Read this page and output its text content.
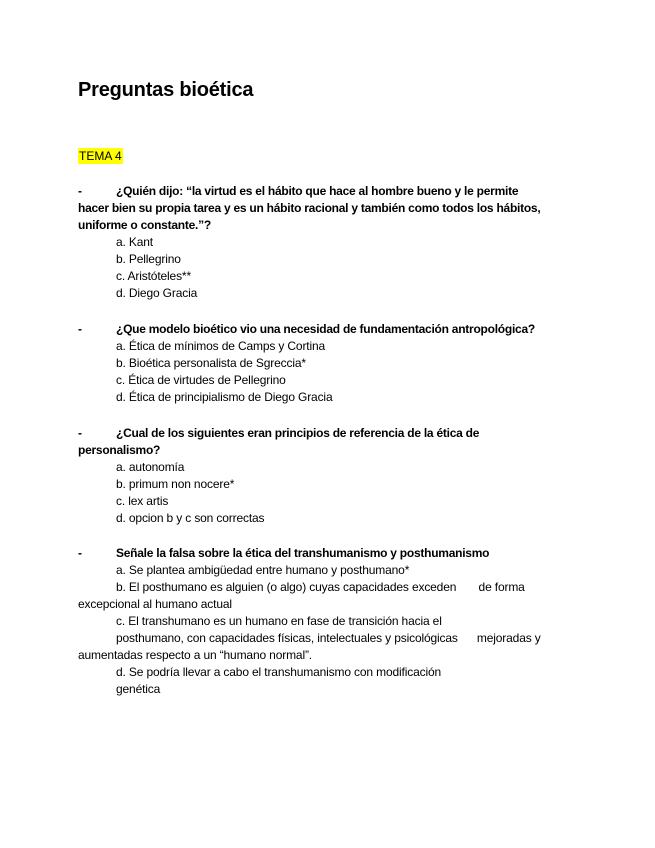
Preguntas bioética
TEMA 4
-	¿Quién dijo: “la virtud es el hábito que hace al hombre bueno y le permite
hacer bien su propia tarea y es un hábito racional y también como todos los hábitos,
uniforme o constante.”?
a. Kant
b. Pellegrino
c. Aristóteles**
d. Diego Gracia
-	¿Que modelo bioético vio una necesidad de fundamentación antropológica?
a. Ética de mínimos de Camps y Cortina
b. Bioética personalista de Sgreccia*
c. Ética de virtudes de Pellegrino
d. Ética de principialismo de Diego Gracia
-	¿Cual de los siguientes eran principios de referencia de la ética de
personalismo?
a. autonomía
b. primum non nocere*
c. lex artis
d. opcion b y c son correctas
-	Señale la falsa sobre la ética del transhumanismo y posthumanismo
a. Se plantea ambigüedad entre humano y posthumano*
b. El posthumano es alguien (o algo) cuyas capacidades exceden       de forma
excepcional al humano actual
c. El transhumano es un humano en fase de transición hacia el
posthumano, con capacidades físicas, intelectuales y psicológicas      mejoradas y
aumentadas respecto a un “humano normal”.
d. Se podría llevar a cabo el transhumanismo con modificación
genética
